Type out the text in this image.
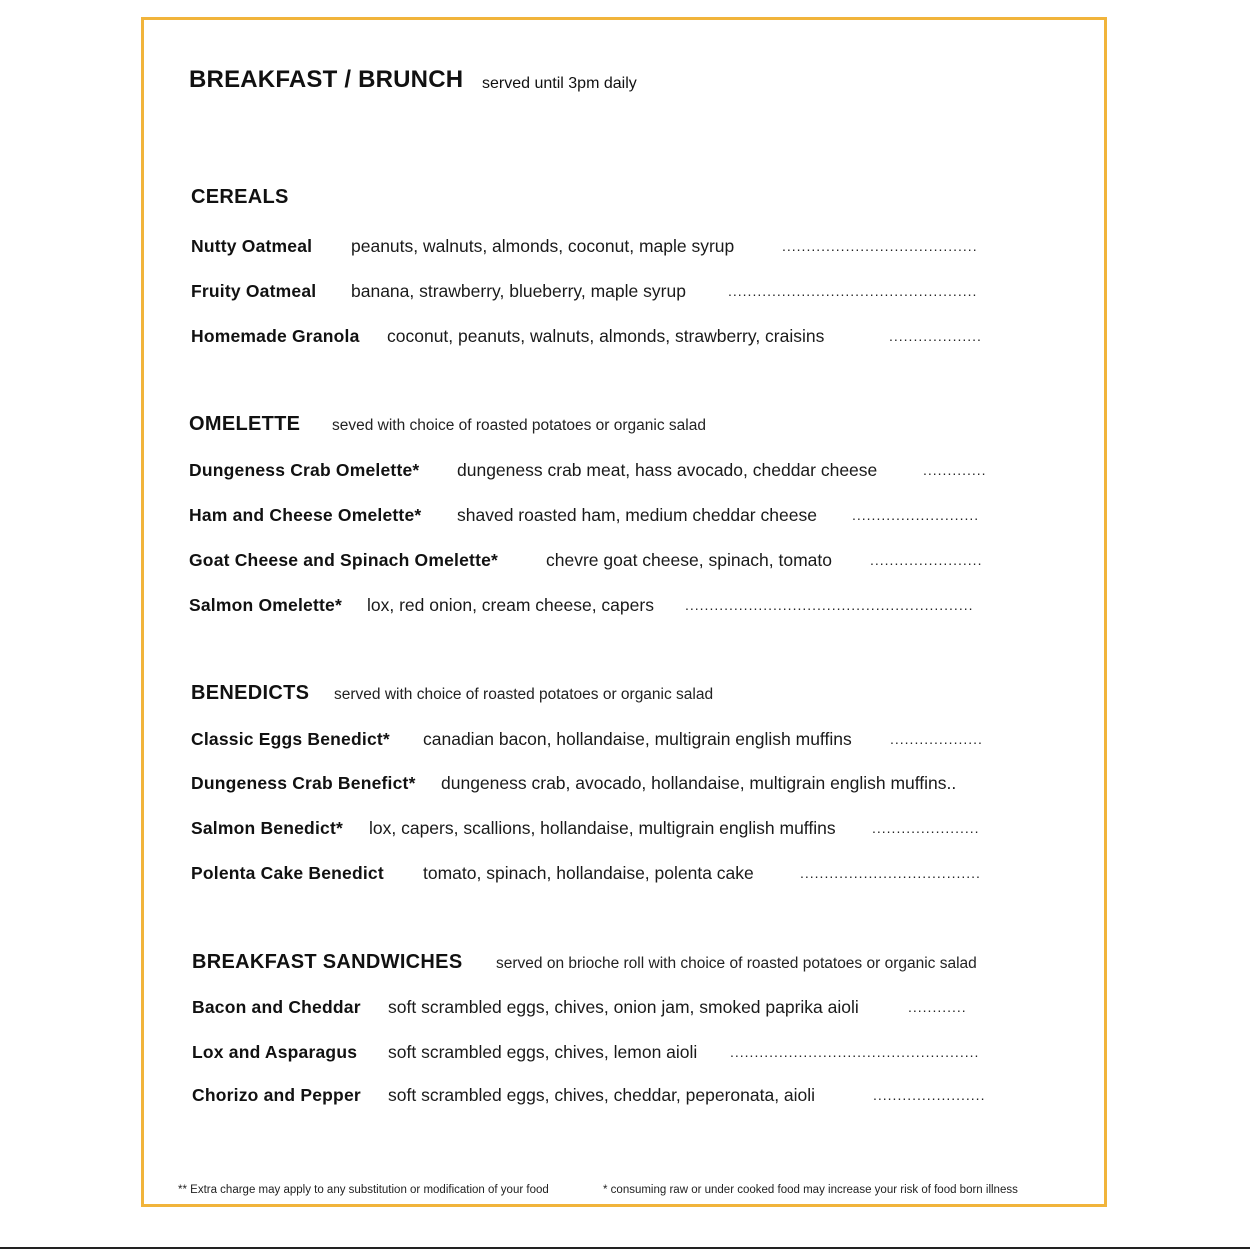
BREAKFAST / BRUNCH served until 3pm daily
CEREALS
Nutty Oatmeal peanuts, walnuts, almonds, coconut, maple syrup	........................................
Fruity Oatmeal banana, strawberry, blueberry, maple syrup	...................................................
Homemade Granola coconut, peanuts, walnuts, almonds, strawberry, craisins	...................
OMELETTE seved with choice of roasted potatoes or organic salad
Dungeness Crab Omelette* dungeness crab meat, hass avocado, cheddar cheese	.............
Ham and Cheese Omelette* shaved roasted ham, medium cheddar cheese	..........................
Goat Cheese and Spinach Omelette*	chevre goat cheese, spinach, tomato	.......................
Salmon Omelette* lox, red onion, cream cheese, capers ...........................................................
BENEDICTS served with choice of roasted potatoes or organic salad
Classic Eggs Benedict* canadian bacon, hollandaise, multigrain english muffins	...................
Dungeness Crab Benefict* dungeness crab, avocado, hollandaise, multigrain english muffins..
Salmon Benedict* lox, capers, scallions, hollandaise, multigrain english muffins	......................
Polenta Cake Benedict tomato, spinach, hollandaise, polenta cake	.....................................
BREAKFAST SANDWICHES served on brioche roll with choice of roasted potatoes or organic salad
Bacon and Cheddar soft scrambled eggs, chives, onion jam, smoked paprika aioli	............
Lox and Asparagus soft scrambled eggs, chives, lemon aioli ...................................................
Chorizo and Pepper soft scrambled eggs, chives, cheddar, peperonata, aioli	.......................
** Extra charge may apply to any substitution or modification of your food	* consuming raw or under cooked food may increase your risk of food born illness
